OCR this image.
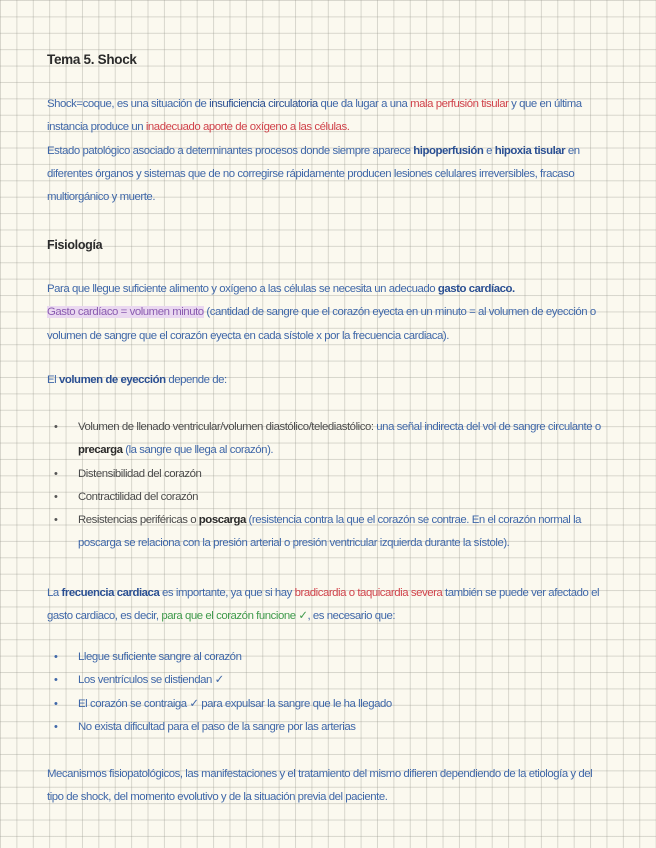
Tema 5. Shock
Shock=coque, es una situación de insuficiencia circulatoria que da lugar a una mala perfusión tisular y que en última instancia produce un inadecuado aporte de oxígeno a las células.
Estado patológico asociado a determinantes procesos donde siempre aparece hipoperfusión e hipoxia tisular en diferentes órganos y sistemas que de no corregirse rápidamente producen lesiones celulares irreversibles, fracaso multiorgánico y muerte.
Fisiología
Para que llegue suficiente alimento y oxígeno a las células se necesita un adecuado gasto cardíaco.
Gasto cardíaco = volumen minuto (cantidad de sangre que el corazón eyecta en un minuto = al volumen de eyección o volumen de sangre que el corazón eyecta en cada sístole x por la frecuencia cardiaca).
El volumen de eyección depende de:
• Volumen de llenado ventricular/volumen diastólico/telediastólico: una señal indirecta del vol de sangre circulante o precarga (la sangre que llega al corazón).
• Distensibilidad del corazón
• Contractilidad del corazón
• Resistencias periféricas o poscarga (resistencia contra la que el corazón se contrae. En el corazón normal la poscarga se relaciona con la presión arterial o presión ventricular izquierda durante la sístole).
La frecuencia cardiaca es importante, ya que si hay bradicardia o taquicardia severa también se puede ver afectado el gasto cardiaco, es decir, para que el corazón funcione ✓, es necesario que:
• Llegue suficiente sangre al corazón
• Los ventrículos se distiendan ✓
• El corazón se contraiga ✓ para expulsar la sangre que le ha llegado
• No exista dificultad para el paso de la sangre por las arterias
Mecanismos fisiopatológicos, las manifestaciones y el tratamiento del mismo difieren dependiendo de la etiología y del tipo de shock, del momento evolutivo y de la situación previa del paciente.
